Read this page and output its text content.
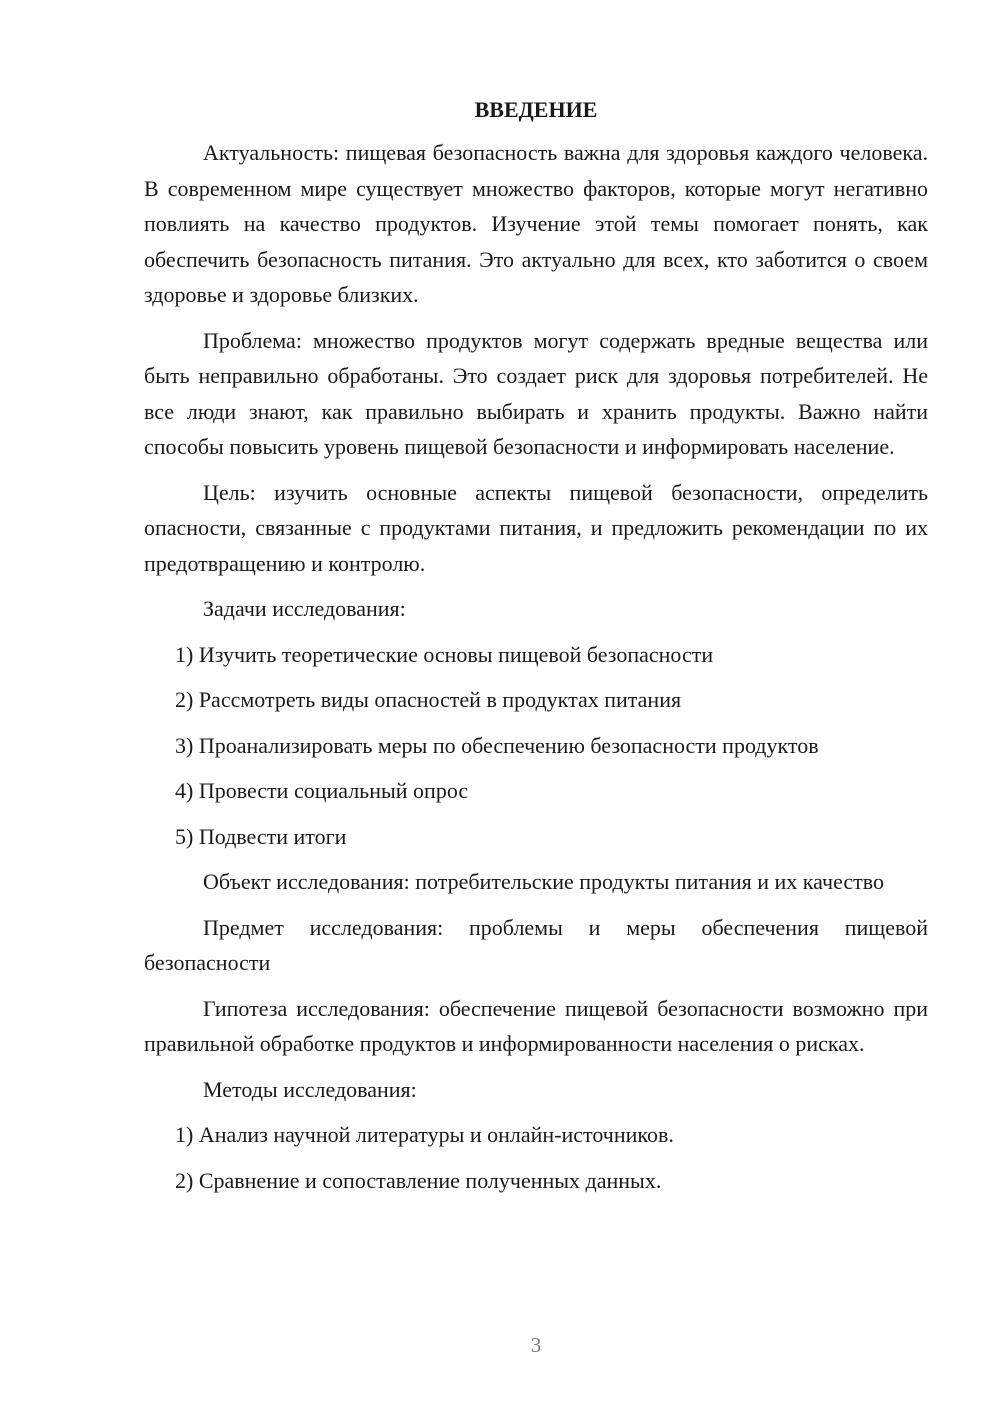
ВВЕДЕНИЕ

Актуальность: пищевая безопасность важна для здоровья каждого человека. В современном мире существует множество факторов, которые могут негативно повлиять на качество продуктов. Изучение этой темы помогает понять, как обеспечить безопасность питания. Это актуально для всех, кто заботится о своем здоровье и здоровье близких.

Проблема: множество продуктов могут содержать вредные вещества или быть неправильно обработаны. Это создает риск для здоровья потребителей. Не все люди знают, как правильно выбирать и хранить продукты. Важно найти способы повысить уровень пищевой безопасности и информировать население.

Цель: изучить основные аспекты пищевой безопасности, определить опасности, связанные с продуктами питания, и предложить рекомендации по их предотвращению и контролю.

Задачи исследования:

1) Изучить теоретические основы пищевой безопасности

2) Рассмотреть виды опасностей в продуктах питания

3) Проанализировать меры по обеспечению безопасности продуктов

4) Провести социальный опрос

5) Подвести итоги

Объект исследования: потребительские продукты питания и их качество

Предмет исследования: проблемы и меры обеспечения пищевой безопасности

Гипотеза исследования: обеспечение пищевой безопасности возможно при правильной обработке продуктов и информированности населения о рисках.

Методы исследования:

1) Анализ научной литературы и онлайн-источников.

2) Сравнение и сопоставление полученных данных.

3
